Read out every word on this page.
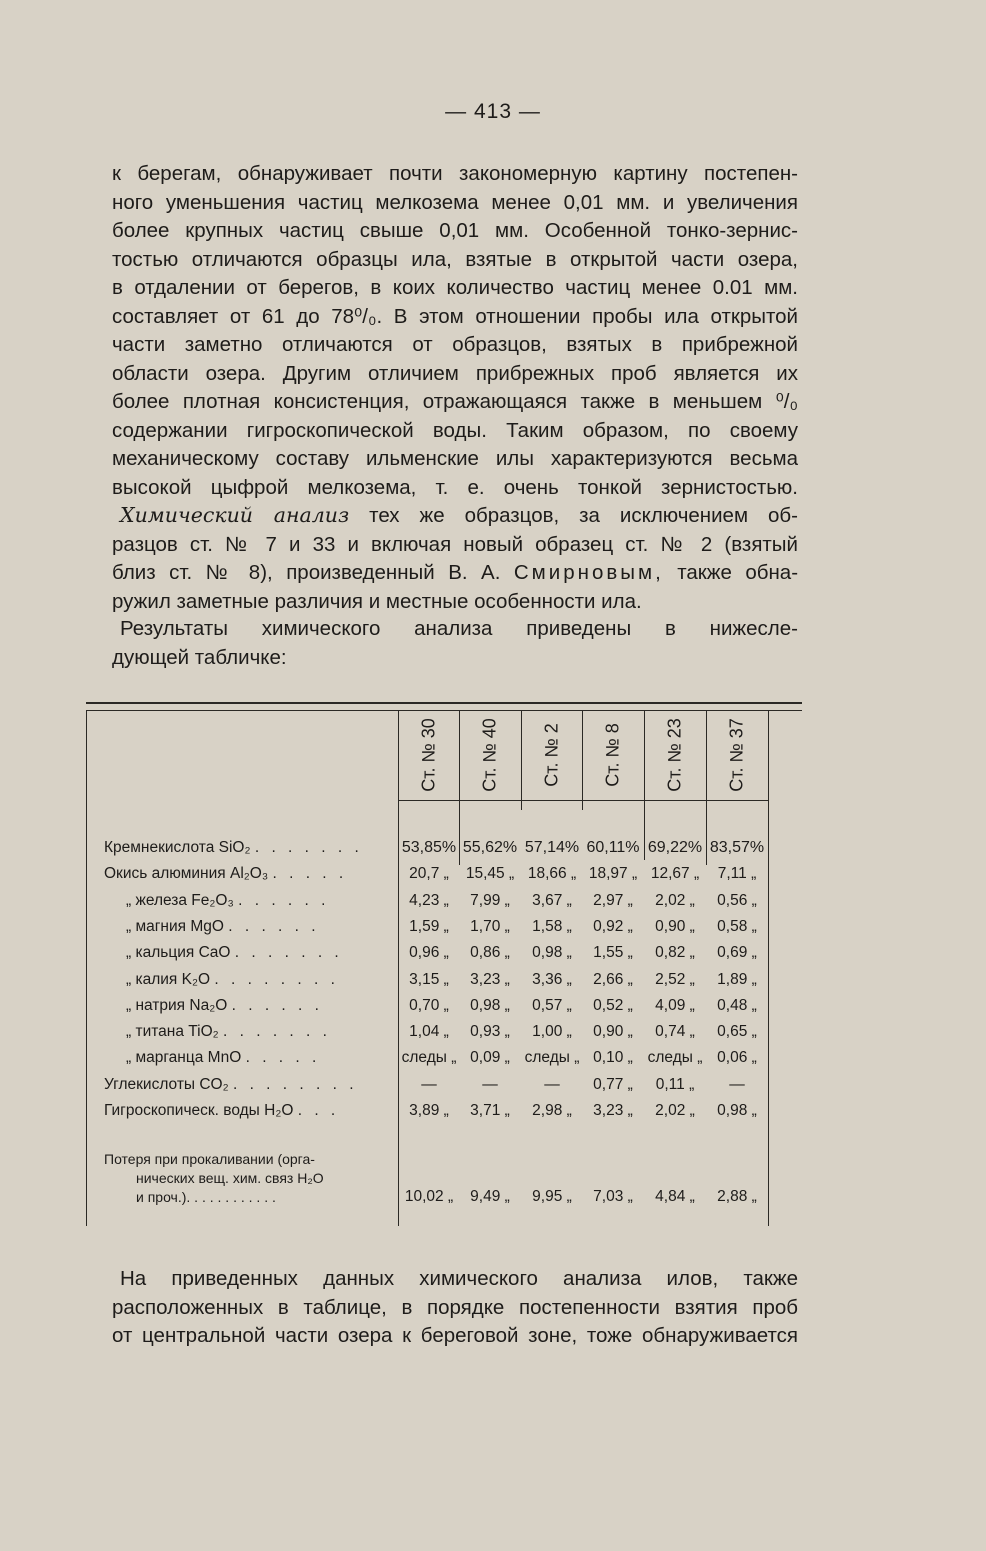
— 413 —
к берегам, обнаруживает почти закономерную картину постепен-
ного уменьшения частиц мелкозема менее 0,01 мм. и увеличения
более крупных частиц свыше 0,01 мм. Особенной тонко-зернис-
тостью отличаются образцы ила, взятые в открытой части озера,
в отдалении от берегов, в коих количество частиц менее 0.01 мм.
составляет от 61 до 78⁰/₀. В этом отношении пробы ила открытой
части заметно отличаются от образцов, взятых в прибрежной
области озера. Другим отличием прибрежных проб является их
более плотная консистенция, отражающаяся также в меньшем ⁰/₀
содержании гигроскопической воды. Таким образом, по своему
механическому составу ильменские илы характеризуются весьма
высокой цыфрой мелкозема, т. е. очень тонкой зернистостью.
Химический анализ тех же образцов, за исключением об-
разцов ст. № 7 и 33 и включая новый образец ст. № 2 (взятый
близ ст. № 8), произведенный В. А. Смирновым, также обна-
ружил заметные различия и местные особенности ила.
Результаты химического анализа приведены в нижесле-
дующей табличке:
Ст. № 30 Ст. № 40 Ст. № 2 Ст. № 8 Ст. № 23 Ст. № 37
Кремнекислота SiO₂ . . . . . . .	53,85% 55,62% 57,14% 60,11% 69,22% 83,57%
Окись алюминия Al₂O₃ . . . . .	20,7 „	15,45 „ 18,66 „ 18,97 „ 12,67 „	7,11 „
„ железа Fe₂O₃ . . . . . .	4,23 „	7,99 „	3,67 „	2,97 „	2,02 „	0,56 „
„ магния MgO . . . . . .	1,59 „	1,70 „	1,58 „	0,92 „	0,90 „	0,58 „
„ кальция CaO . . . . . . .	0,96 „	0,86 „	0,98 „	1,55 „	0,82 „	0,69 „
„ калия K₂O . . . . . . . .	3,15 „	3,23 „	3,36 „	2,66 „	2,52 „	1,89 „
„ натрия Na₂O . . . . . .	0,70 „	0,98 „	0,57 „	0,52 „	4,09 „	0,48 „
„ титана TiO₂ . . . . . . .	1,04 „	0,93 „	1,00 „	0,90 „	0,74 „	0,65 „
„ марганца MnO . . . . .	следы „ 0,09 „ следы „ 0,10 „ следы „ 0,06 „
Углекислоты CO₂ . . . . . . . .	—	—	—	0,77 „	0,11 „	—
Гигроскопическ. воды H₂O . . .	3,89 „	3,71 „	2,98 „	3,23 „	2,02 „	0,98 „
Потеря при прокаливании (орга-
нических вещ. хим. связ H₂O
и проч.). . . . . . . . . . . .	10,02 „	9,49 „	9,95 „	7,03 „	4,84 „	2,88 „
На приведенных данных химического анализа илов, также
расположенных в таблице, в порядке постепенности взятия проб
от центральной части озера к береговой зоне, тоже обнаруживается
